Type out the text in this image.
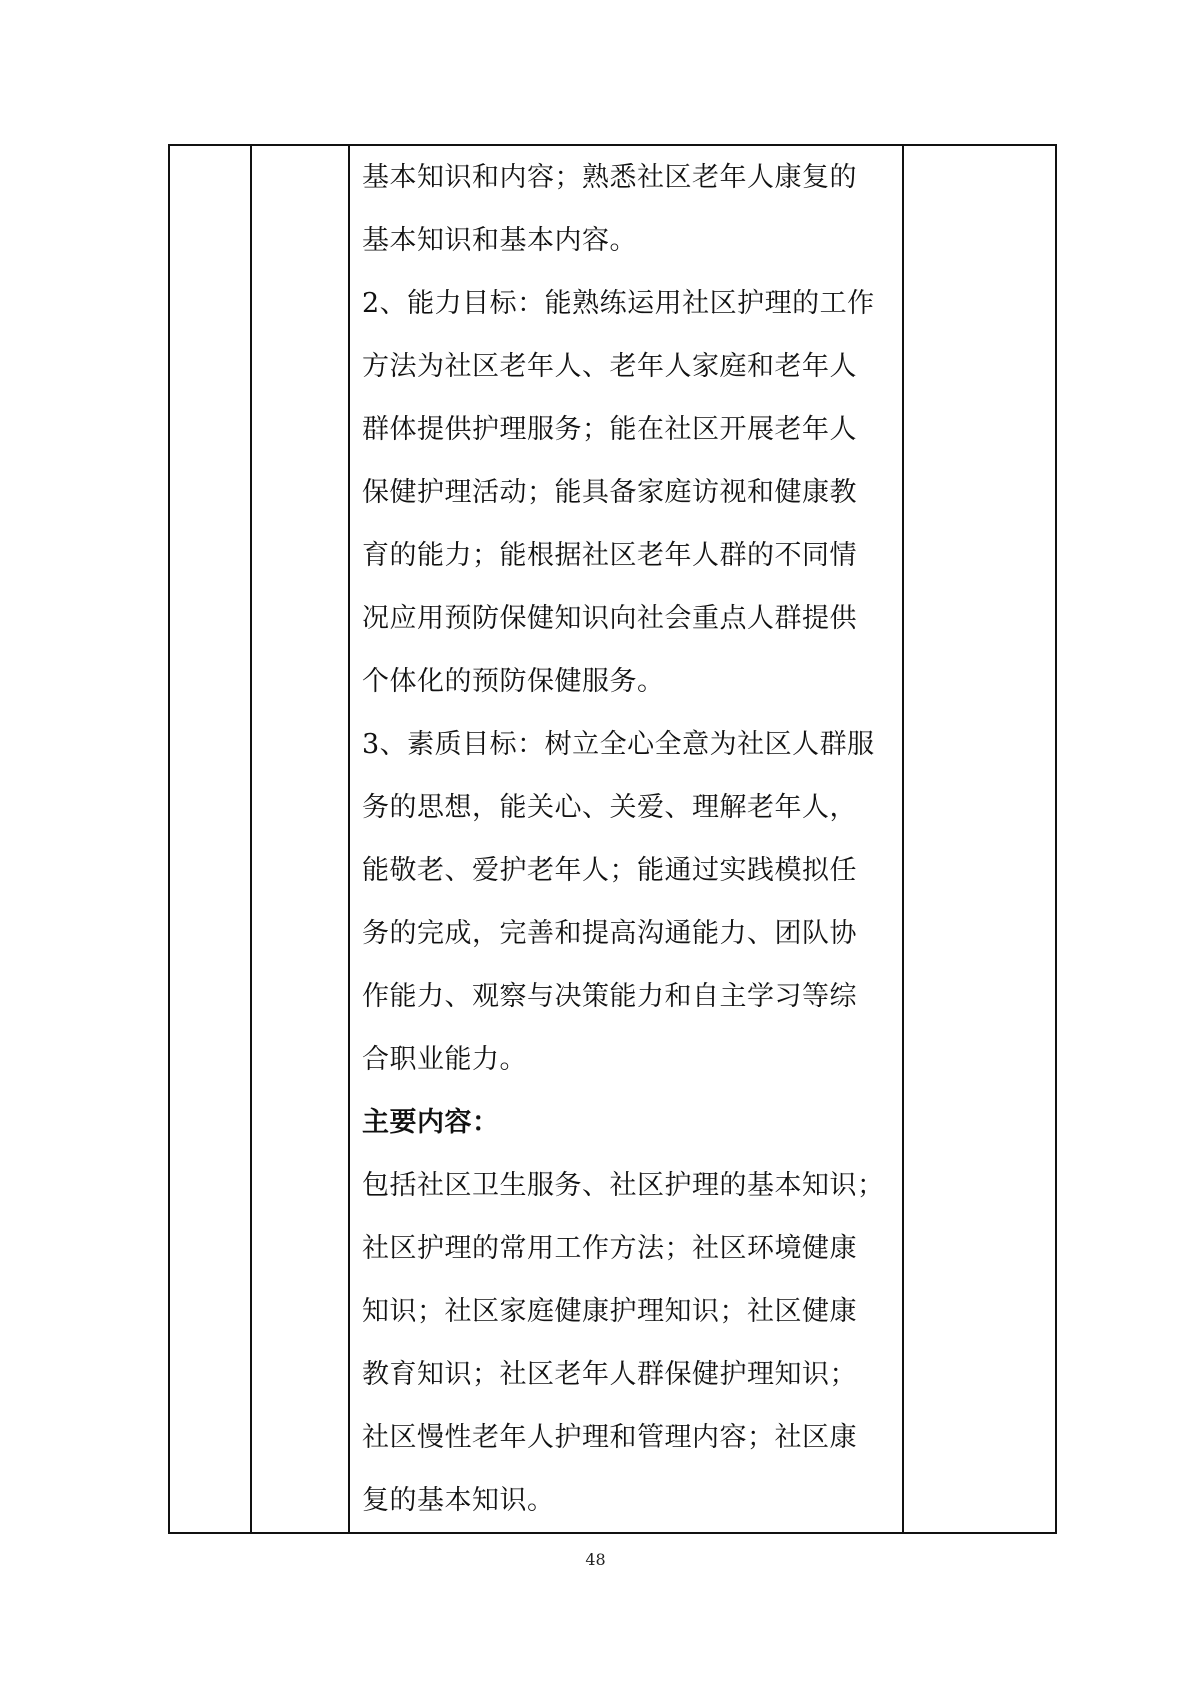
基本知识和内容；熟悉社区老年人康复的
基本知识和基本内容。
2、能力目标：能熟练运用社区护理的工作
方法为社区老年人、老年人家庭和老年人
群体提供护理服务；能在社区开展老年人
保健护理活动；能具备家庭访视和健康教
育的能力；能根据社区老年人群的不同情
况应用预防保健知识向社会重点人群提供
个体化的预防保健服务。
3、素质目标：树立全心全意为社区人群服
务的思想，能关心、关爱、理解老年人，
能敬老、爱护老年人；能通过实践模拟任
务的完成，完善和提高沟通能力、团队协
作能力、观察与决策能力和自主学习等综
合职业能力。
主要内容：
包括社区卫生服务、社区护理的基本知识；
社区护理的常用工作方法；社区环境健康
知识；社区家庭健康护理知识；社区健康
教育知识；社区老年人群保健护理知识；
社区慢性老年人护理和管理内容；社区康
复的基本知识。

48
